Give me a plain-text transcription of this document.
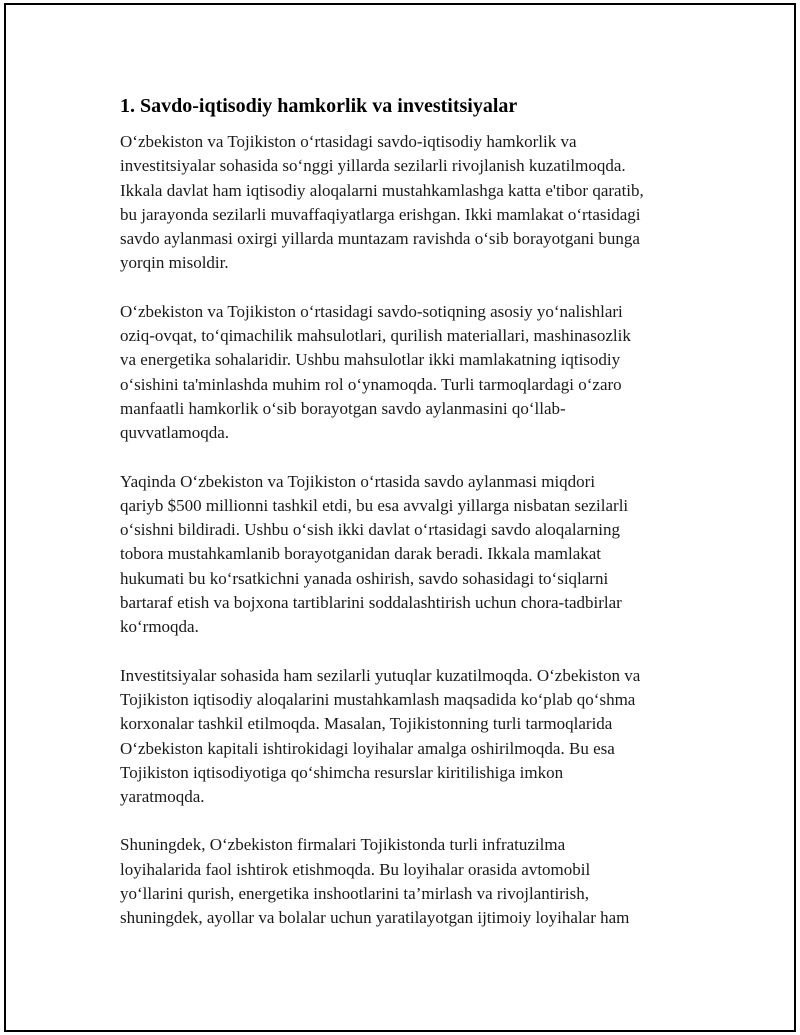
1. Savdo-iqtisodiy hamkorlik va investitsiyalar

O‘zbekiston va Tojikiston o‘rtasidagi savdo-iqtisodiy hamkorlik va
investitsiyalar sohasida so‘nggi yillarda sezilarli rivojlanish kuzatilmoqda.
Ikkala davlat ham iqtisodiy aloqalarni mustahkamlashga katta e'tibor qaratib,
bu jarayonda sezilarli muvaffaqiyatlarga erishgan. Ikki mamlakat o‘rtasidagi
savdo aylanmasi oxirgi yillarda muntazam ravishda o‘sib borayotgani bunga
yorqin misoldir.

O‘zbekiston va Tojikiston o‘rtasidagi savdo-sotiqning asosiy yo‘nalishlari
oziq-ovqat, to‘qimachilik mahsulotlari, qurilish materiallari, mashinasozlik
va energetika sohalaridir. Ushbu mahsulotlar ikki mamlakatning iqtisodiy
o‘sishini ta'minlashda muhim rol o‘ynamoqda. Turli tarmoqlardagi o‘zaro
manfaatli hamkorlik o‘sib borayotgan savdo aylanmasini qo‘llab-
quvvatlamoqda.

Yaqinda O‘zbekiston va Tojikiston o‘rtasida savdo aylanmasi miqdori
qariyb $500 millionni tashkil etdi, bu esa avvalgi yillarga nisbatan sezilarli
o‘sishni bildiradi. Ushbu o‘sish ikki davlat o‘rtasidagi savdo aloqalarning
tobora mustahkamlanib borayotganidan darak beradi. Ikkala mamlakat
hukumati bu ko‘rsatkichni yanada oshirish, savdo sohasidagi to‘siqlarni
bartaraf etish va bojxona tartiblarini soddalashtirish uchun chora-tadbirlar
ko‘rmoqda.

Investitsiyalar sohasida ham sezilarli yutuqlar kuzatilmoqda. O‘zbekiston va
Tojikiston iqtisodiy aloqalarini mustahkamlash maqsadida ko‘plab qo‘shma
korxonalar tashkil etilmoqda. Masalan, Tojikistonning turli tarmoqlarida
O‘zbekiston kapitali ishtirokidagi loyihalar amalga oshirilmoqda. Bu esa
Tojikiston iqtisodiyotiga qo‘shimcha resurslar kiritilishiga imkon
yaratmoqda.

Shuningdek, O‘zbekiston firmalari Tojikistonda turli infratuzilma
loyihalarida faol ishtirok etishmoqda. Bu loyihalar orasida avtomobil
yo‘llarini qurish, energetika inshootlarini ta’mirlash va rivojlantirish,
shuningdek, ayollar va bolalar uchun yaratilayotgan ijtimoiy loyihalar ham
